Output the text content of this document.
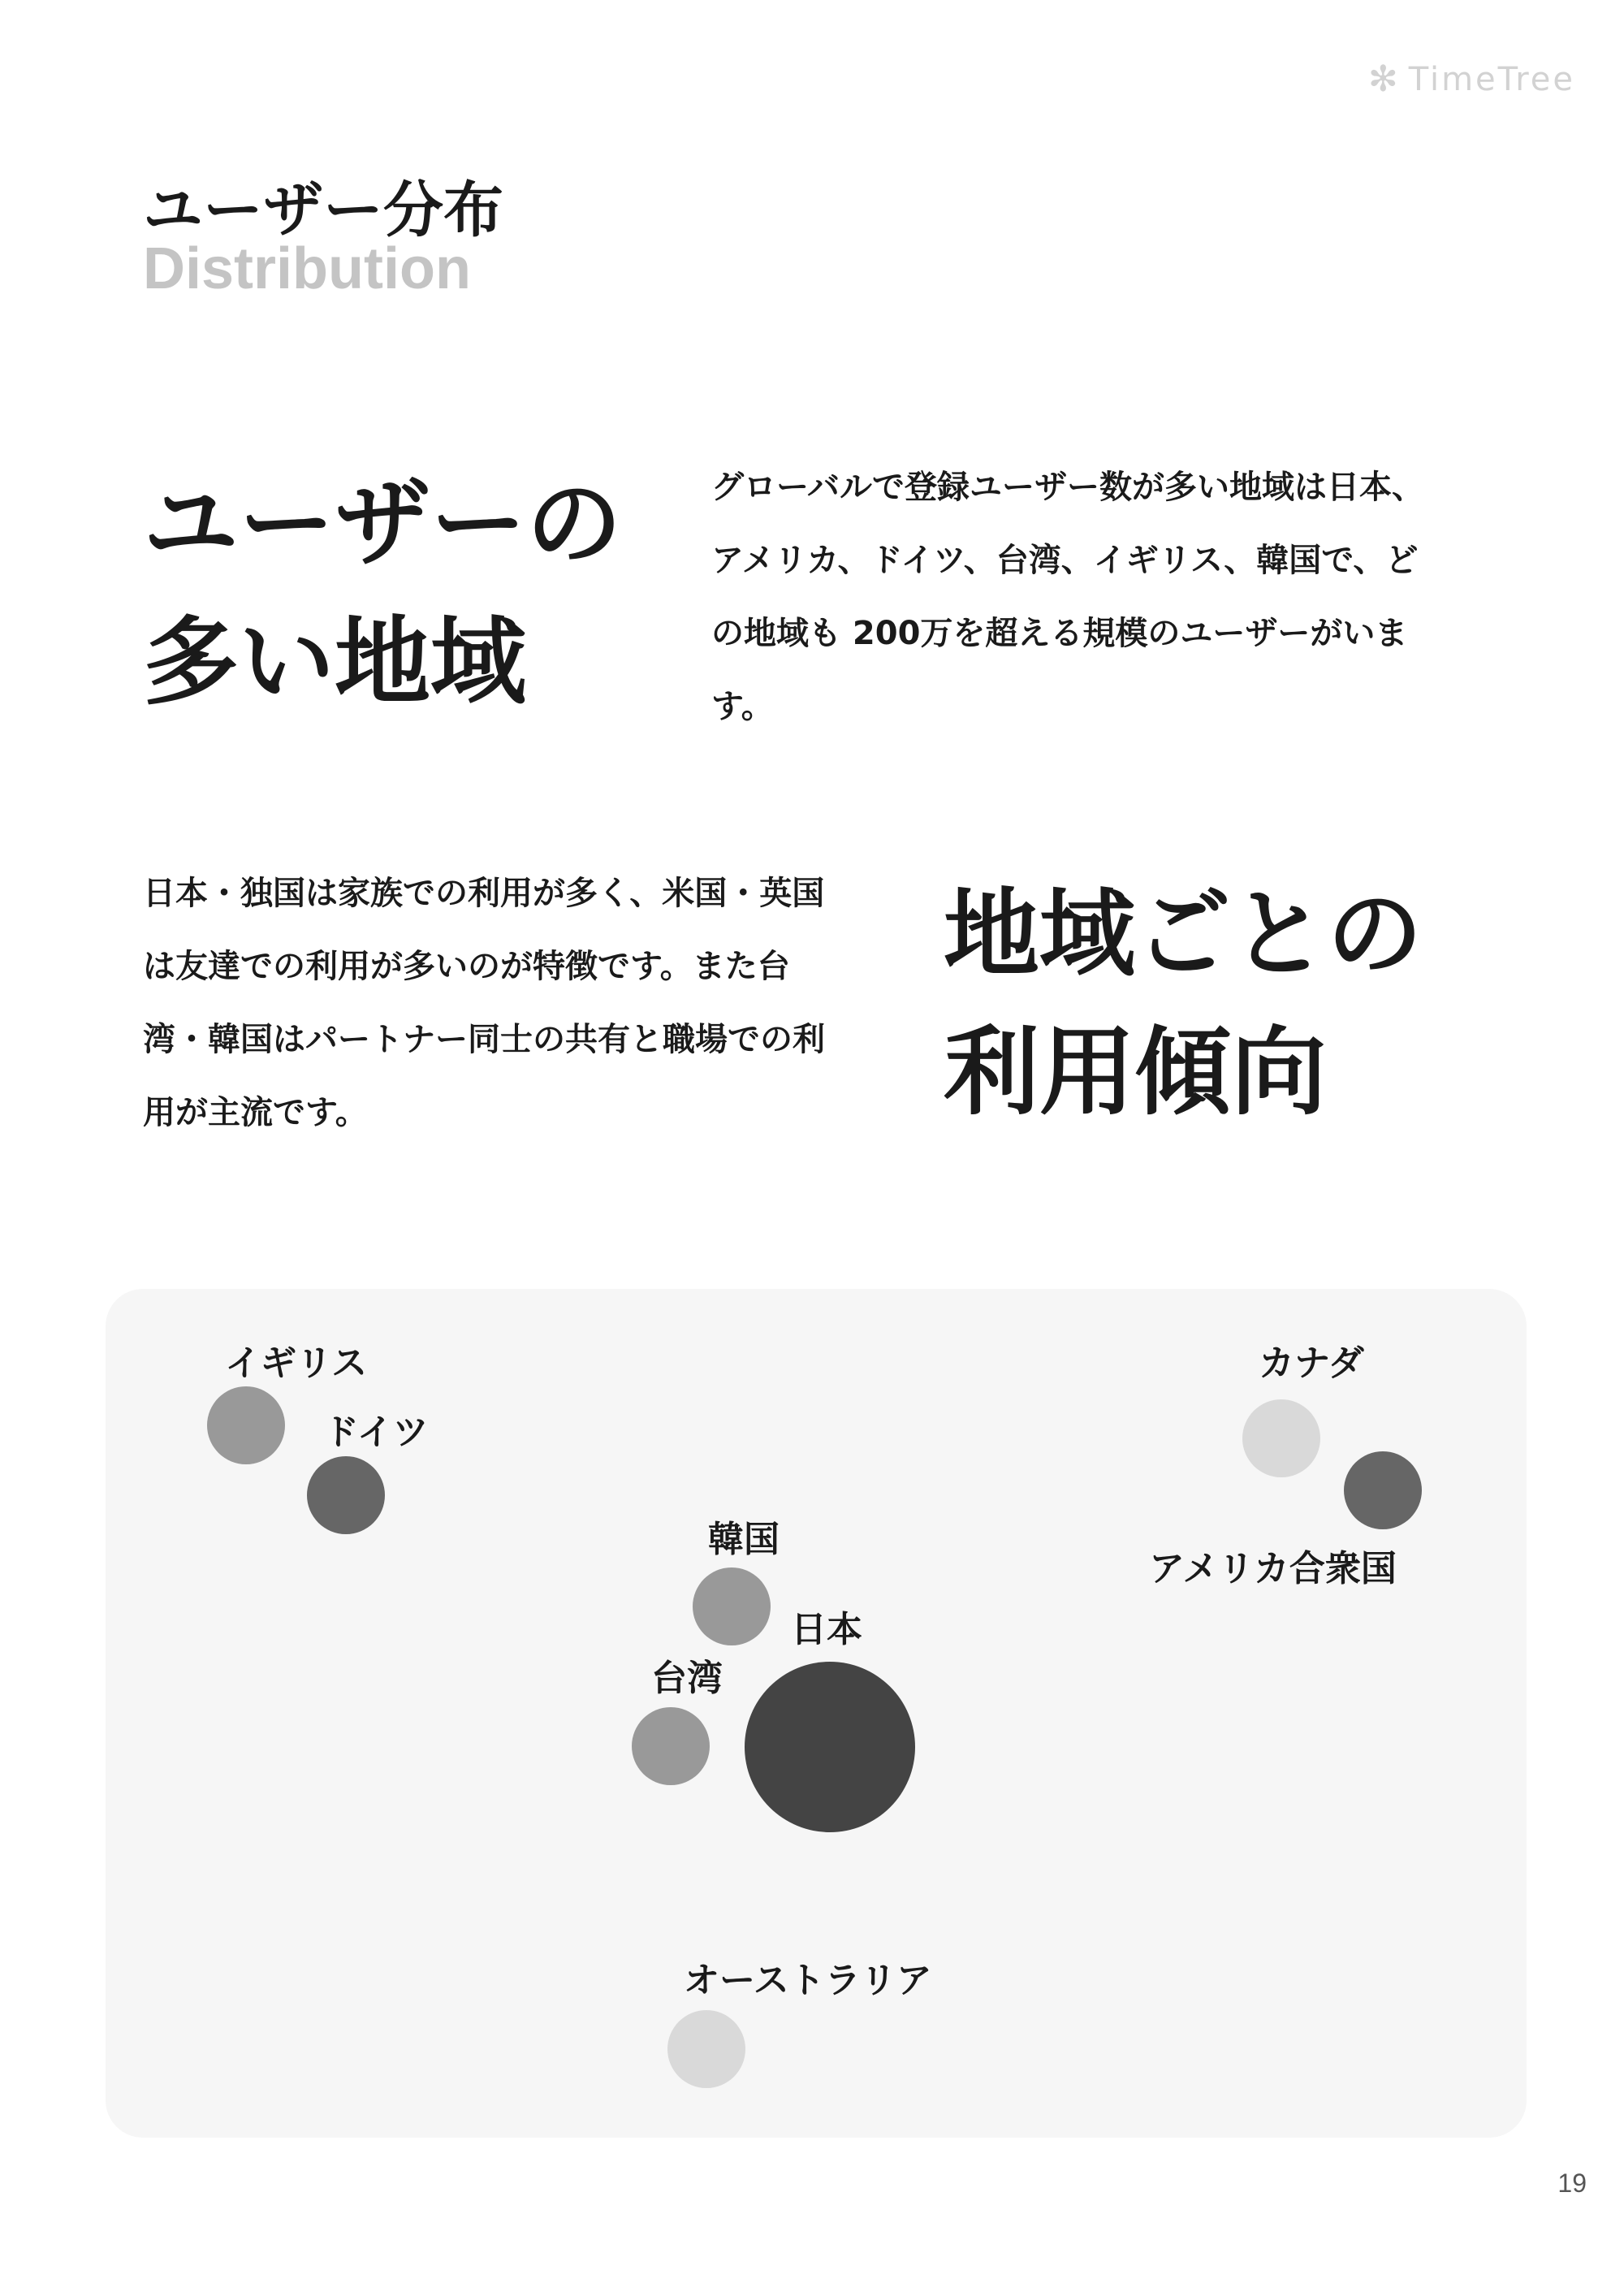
✻ TimeTree
ユーザー分布
Distribution
ユーザーの
多い地域
グローバルで登録ユーザー数が多い地域は日本、アメリカ、ドイツ、台湾、イギリス、韓国で、どの地域も 200万を超える規模のユーザーがいます。
日本・独国は家族での利用が多く、米国・英国は友達での利用が多いのが特徴です。また台湾・韓国はパートナー同士の共有と職場での利用が主流です。
地域ごとの
利用傾向
イギリス
ドイツ
カナダ
アメリカ合衆国
韓国
日本
台湾
オーストラリア
19
